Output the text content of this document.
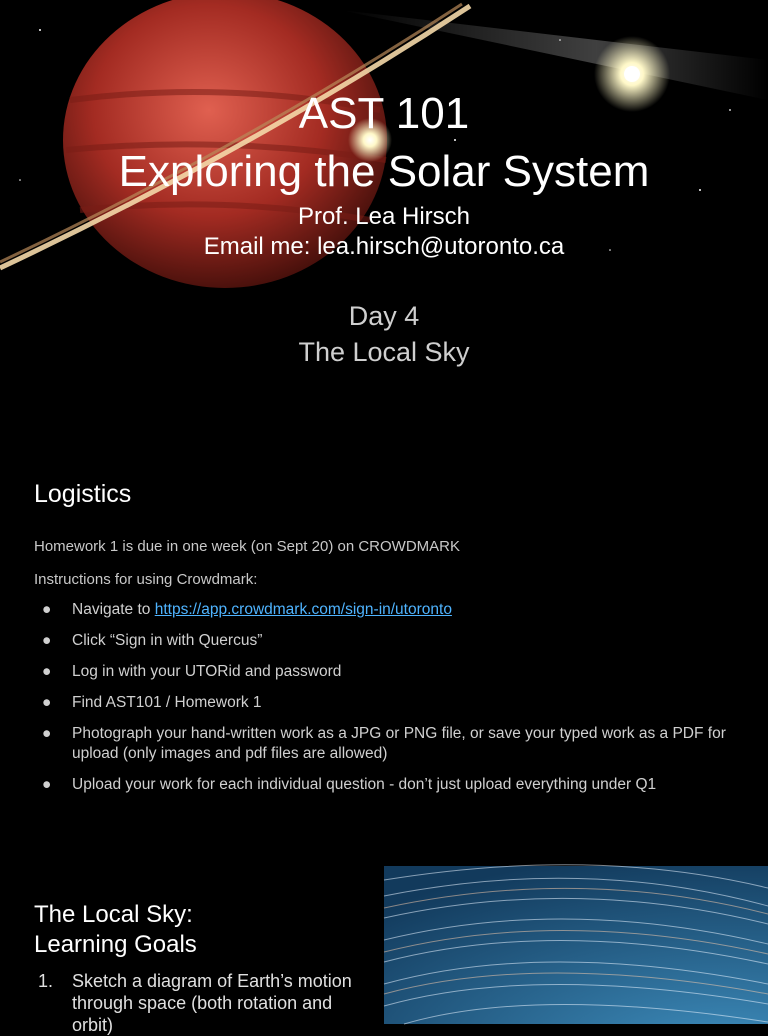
AST 101
Exploring the Solar System
Prof. Lea Hirsch
Email me: lea.hirsch@utoronto.ca
Day 4
The Local Sky
Logistics
Homework 1 is due in one week (on Sept 20) on CROWDMARK
Instructions for using Crowdmark:
● Navigate to https://app.crowdmark.com/sign-in/utoronto
● Click “Sign in with Quercus”
● Log in with your UTORid and password
● Find AST101 / Homework 1
● Photograph your hand-written work as a JPG or PNG file, or save your typed work as a PDF for upload (only images and pdf files are allowed)
● Upload your work for each individual question - don’t just upload everything under Q1
The Local Sky:
Learning Goals
1. Sketch a diagram of Earth’s motion through space (both rotation and orbit)
